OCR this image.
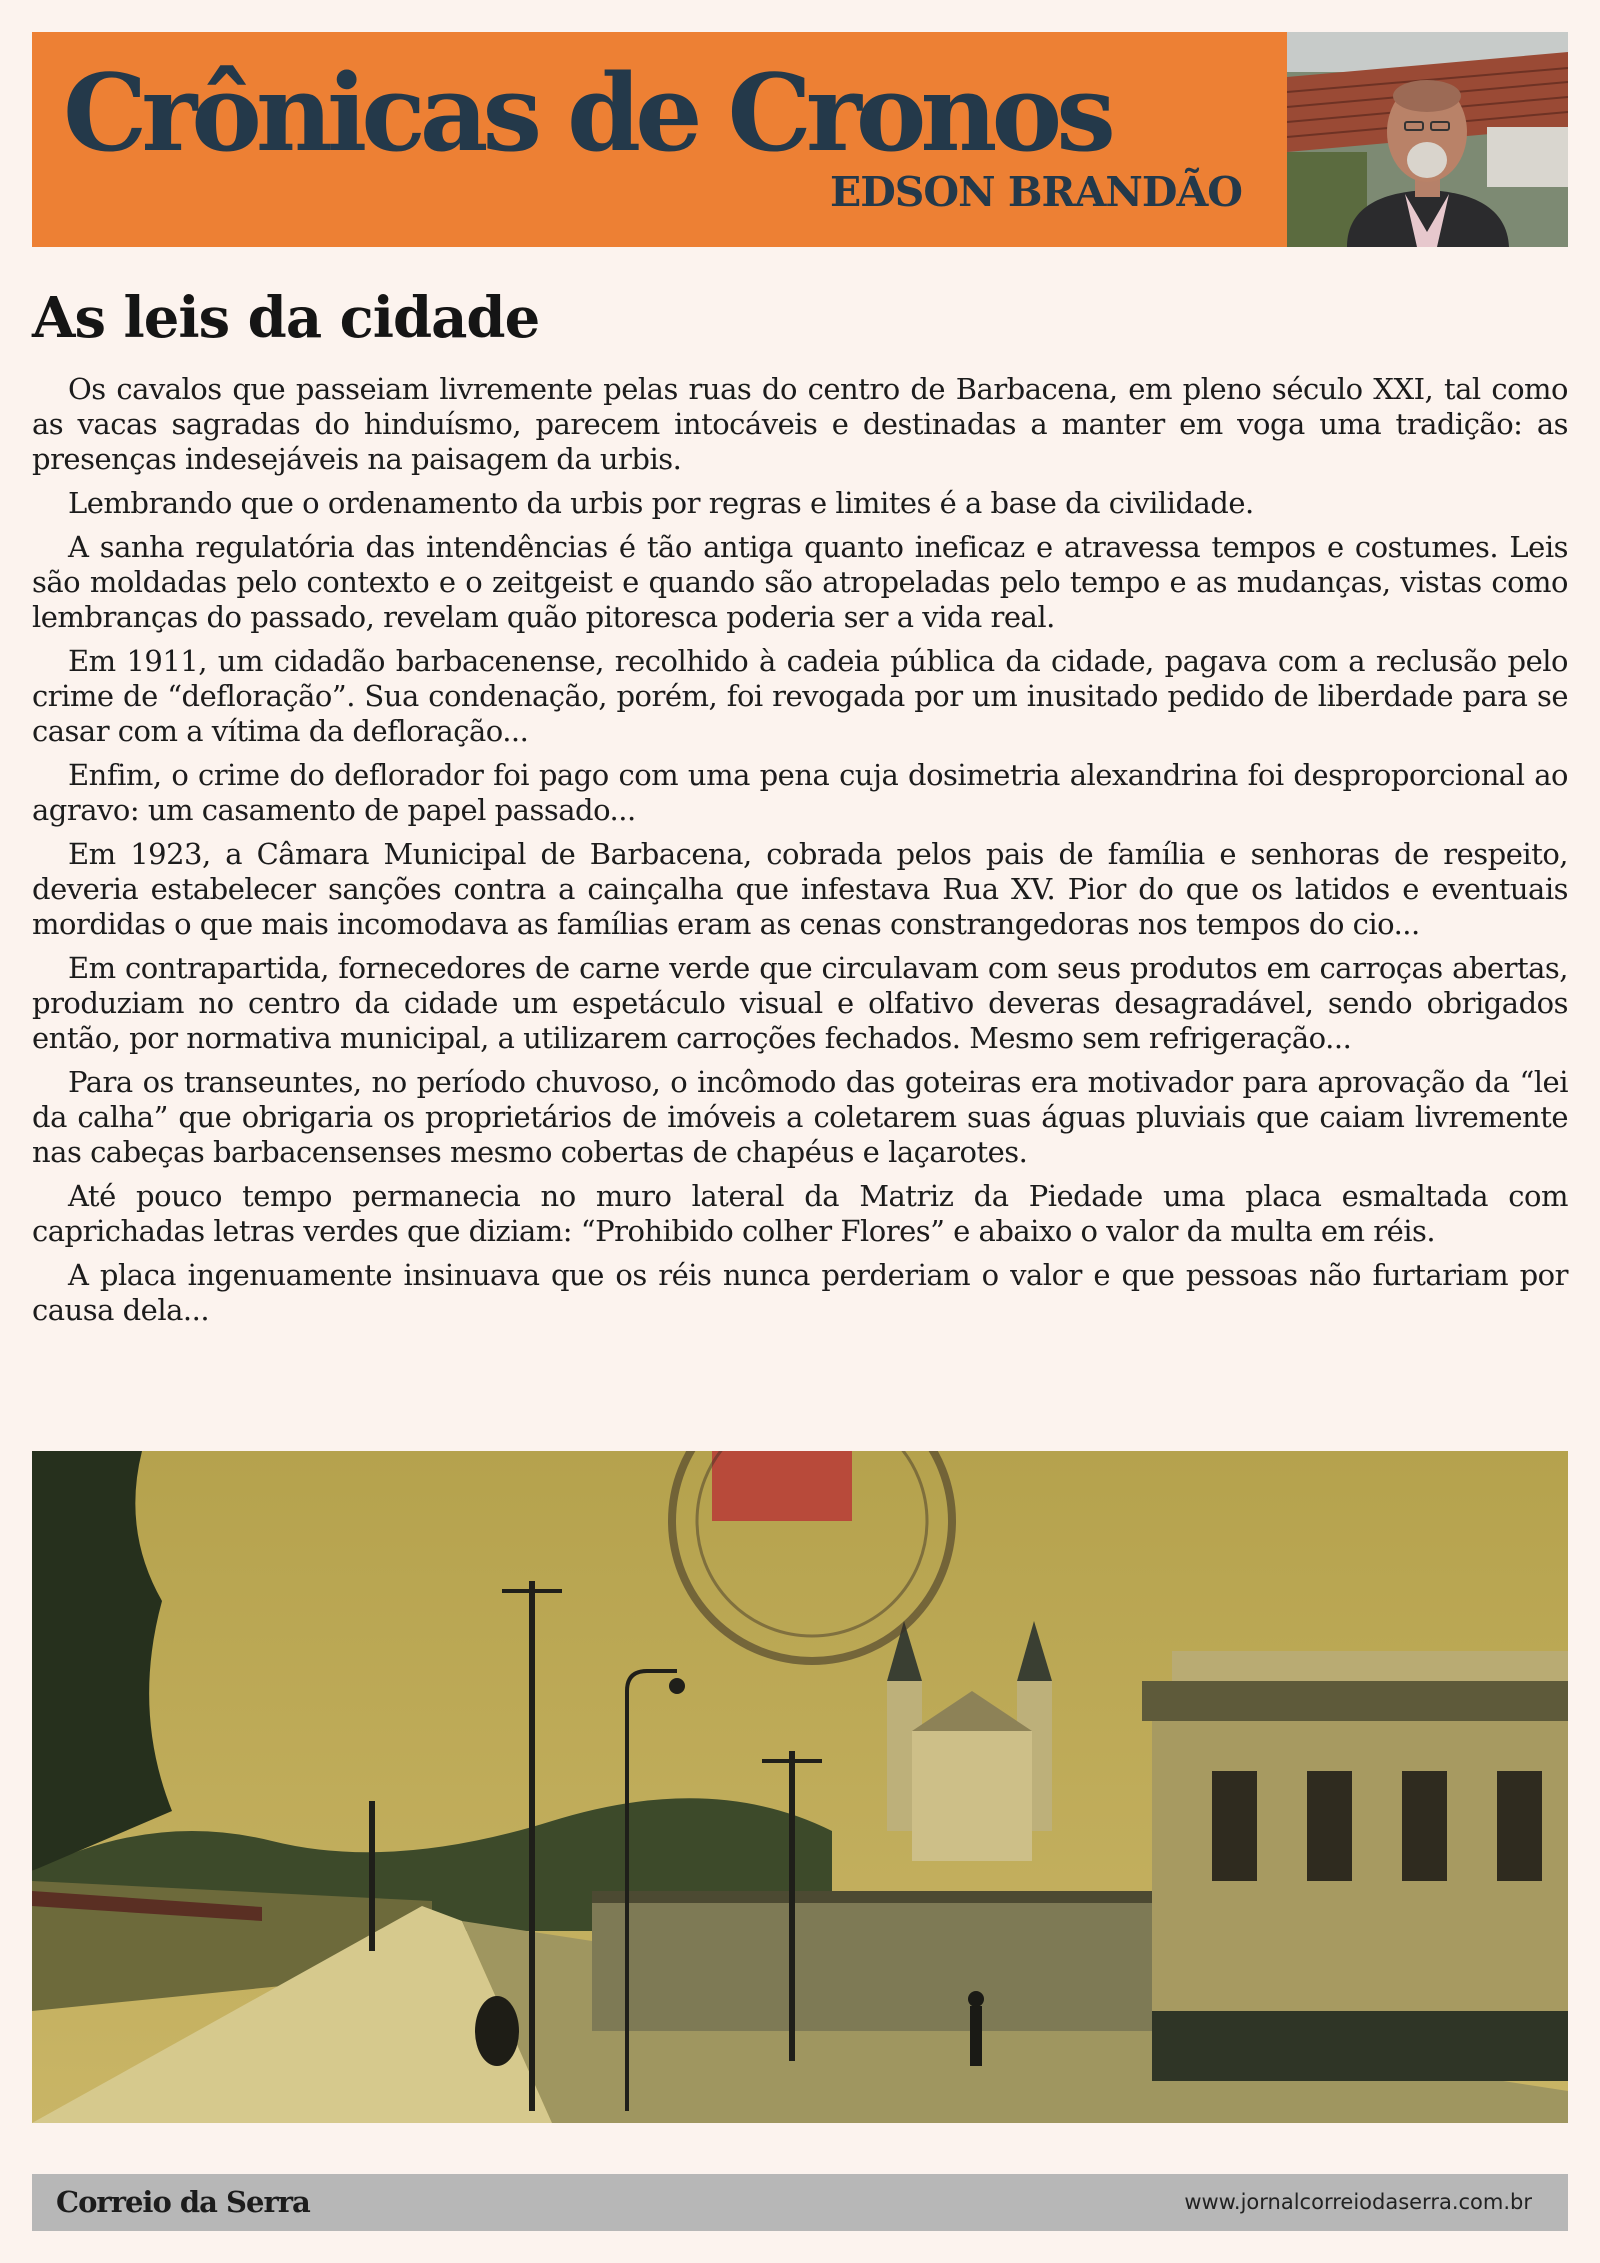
Crônicas de Cronos
EDSON BRANDÃO
As leis da cidade

Os cavalos que passeiam livremente pelas ruas do centro de Barbacena, em pleno século XXI, tal como as vacas sagradas do hinduísmo, parecem intocáveis e destinadas a manter em voga uma tradição: as presenças indesejáveis na paisagem da urbis.

Lembrando que o ordenamento da urbis por regras e limites é a base da civilidade.

A sanha regulatória das intendências é tão antiga quanto ineficaz e atravessa tempos e costumes. Leis são moldadas pelo contexto e o zeitgeist e quando são atropeladas pelo tempo e as mudanças, vistas como lembranças do passado, revelam quão pitoresca poderia ser a vida real.

Em 1911, um cidadão barbacenense, recolhido à cadeia pública da cidade, pagava com a reclusão pelo crime de “defloração”. Sua condenação, porém, foi revogada por um inusitado pedido de liberdade para se casar com a vítima da defloração...

Enfim, o crime do deflorador foi pago com uma pena cuja dosimetria alexandrina foi desproporcional ao agravo: um casamento de papel passado...

Em 1923, a Câmara Municipal de Barbacena, cobrada pelos pais de família e senhoras de respeito, deveria estabelecer sanções contra a cainçalha que infestava Rua XV. Pior do que os latidos e eventuais mordidas o que mais incomodava as famílias eram as cenas constrangedoras nos tempos do cio...

Em contrapartida, fornecedores de carne verde que circulavam com seus produtos em carroças abertas, produziam no centro da cidade um espetáculo visual e olfativo deveras desagradável, sendo obrigados então, por normativa municipal, a utilizarem carroções fechados. Mesmo sem refrigeração...

Para os transeuntes, no período chuvoso, o incômodo das goteiras era motivador para aprovação da “lei da calha” que obrigaria os proprietários de imóveis a coletarem suas águas pluviais que caiam livremente nas cabeças barbacensenses mesmo cobertas de chapéus e laçarotes.

Até pouco tempo permanecia no muro lateral da Matriz da Piedade uma placa esmaltada com caprichadas letras verdes que diziam: “Prohibido colher Flores” e abaixo o valor da multa em réis.

A placa ingenuamente insinuava que os réis nunca perderiam o valor e que pessoas não furtariam por causa dela...

Correio da Serra	www.jornalcorreiodaserra.com.br
